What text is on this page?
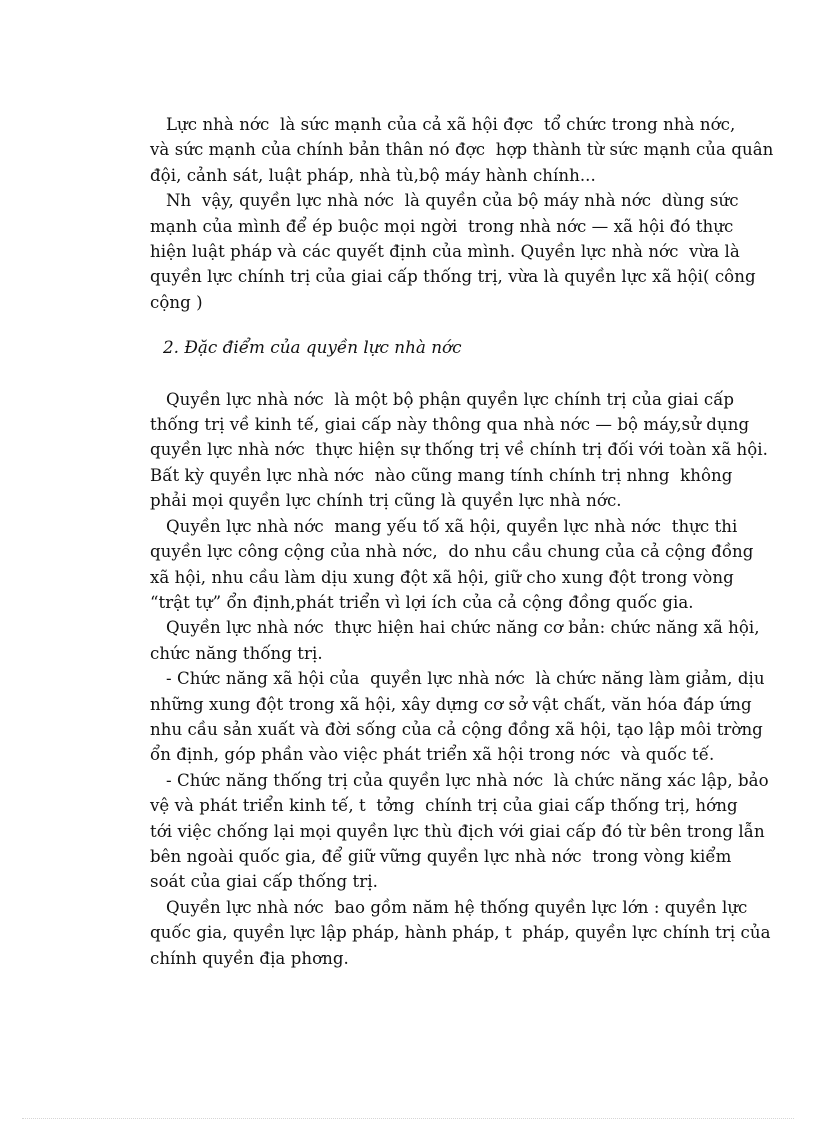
Lực nhà nớc  là sức mạnh của cả xã hội đợc  tổ chức trong nhà nớc,
và sức mạnh của chính bản thân nó đợc  hợp thành từ sức mạnh của quân
đội, cảnh sát, luật pháp, nhà tù,bộ máy hành chính...
Nh  vậy, quyền lực nhà nớc  là quyền của bộ máy nhà nớc  dùng sức
mạnh của mình để ép buộc mọi ngời  trong nhà nớc — xã hội đó thực
hiện luật pháp và các quyết định của mình. Quyền lực nhà nớc  vừa là
quyền lực chính trị của giai cấp thống trị, vừa là quyền lực xã hội( công
cộng )
2. Đặc điểm của quyền lực nhà nớc
Quyền lực nhà nớc  là một bộ phận quyền lực chính trị của giai cấp
thống trị về kinh tế, giai cấp này thông qua nhà nớc — bộ máy,sử dụng
quyền lực nhà nớc  thực hiện sự thống trị về chính trị đối với toàn xã hội.
Bất kỳ quyền lực nhà nớc  nào cũng mang tính chính trị nhng  không
phải mọi quyền lực chính trị cũng là quyền lực nhà nớc.
Quyền lực nhà nớc  mang yếu tố xã hội, quyền lực nhà nớc  thực thi
quyền lực công cộng của nhà nớc,  do nhu cầu chung của cả cộng đồng
xã hội, nhu cầu làm dịu xung đột xã hội, giữ cho xung đột trong vòng
“trật tự” ổn định,phát triển vì lợi ích của cả cộng đồng quốc gia.
Quyền lực nhà nớc  thực hiện hai chức năng cơ bản: chức năng xã hội,
chức năng thống trị.
- Chức năng xã hội của  quyền lực nhà nớc  là chức năng làm giảm, dịu
những xung đột trong xã hội, xây dựng cơ sở vật chất, văn hóa đáp ứng
nhu cầu sản xuất và đời sống của cả cộng đồng xã hội, tạo lập môi trờng
ổn định, góp phần vào việc phát triển xã hội trong nớc  và quốc tế.
- Chức năng thống trị của quyền lực nhà nớc  là chức năng xác lập, bảo
vệ và phát triển kinh tế, t  tởng  chính trị của giai cấp thống trị, hớng
tới việc chống lại mọi quyền lực thù địch với giai cấp đó từ bên trong lẫn
bên ngoài quốc gia, để giữ vững quyền lực nhà nớc  trong vòng kiểm
soát của giai cấp thống trị.
Quyền lực nhà nớc  bao gồm năm hệ thống quyền lực lớn : quyền lực
quốc gia, quyền lực lập pháp, hành pháp, t  pháp, quyền lực chính trị của
chính quyền địa phơng.
